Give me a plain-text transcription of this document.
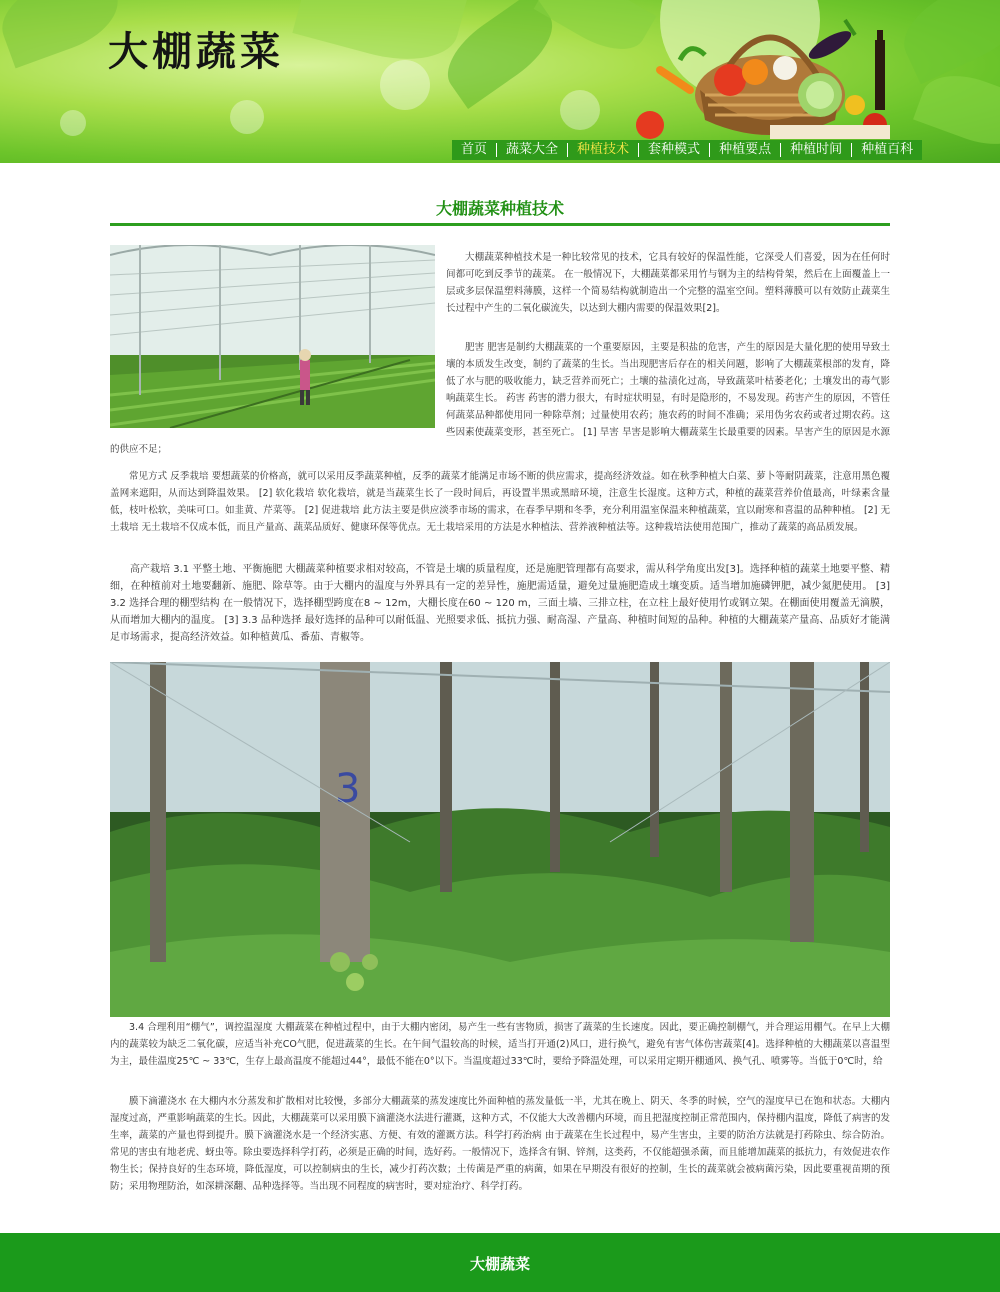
大棚蔬菜
首页	蔬菜大全	种植技术	套种模式	种植要点	种植时间	种植百科
大棚蔬菜种植技术

大棚蔬菜种植技术是一种比较常见的技术，它具有较好的保温性能，它深受人们喜爱，因为在任何时间都可吃到反季节的蔬菜。 在一般情况下，大棚蔬菜都采用竹与钢为主的结构骨架，然后在上面覆盖上一层或多层保温塑料薄膜，这样一个简易结构就制造出一个完整的温室空间。塑料薄膜可以有效防止蔬菜生长过程中产生的二氧化碳流失，以达到大棚内需要的保温效果[2]。

肥害 肥害是制约大棚蔬菜的一个重要原因，主要是积盐的危害，产生的原因是大量化肥的使用导致土壤的本质发生改变，制约了蔬菜的生长。当出现肥害后存在的相关问题，影响了大棚蔬菜根部的发育，降低了水与肥的吸收能力，缺乏营养而死亡；土壤的盐渍化过高，导致蔬菜叶枯萎老化；土壤发出的毒气影响蔬菜生长。 药害 药害的潜力很大，有时症状明显，有时是隐形的，不易发现。药害产生的原因，不管任何蔬菜品种都使用同一种除草剂；过量使用农药；施农药的时间不准确；采用伪劣农药或者过期农药。这些因素使蔬菜变形，甚至死亡。 [1] 旱害 旱害是影响大棚蔬菜生长最重要的因素。旱害产生的原因是水源的供应不足；

常见方式 反季栽培 要想蔬菜的价格高，就可以采用反季蔬菜种植，反季的蔬菜才能满足市场不断的供应需求，提高经济效益。如在秋季种植大白菜、萝卜等耐阴蔬菜，注意用黑色覆盖网来遮阳，从而达到降温效果。 [2] 软化栽培 软化栽培，就是当蔬菜生长了一段时间后，再设置半黑或黑暗环境，注意生长湿度。这种方式，种植的蔬菜营养价值最高，叶绿素含量低，枝叶松软，美味可口。如韭黄、芹菜等。 [2] 促进栽培 此方法主要是供应淡季市场的需求，在春季早期和冬季，充分利用温室保温来种植蔬菜，宜以耐寒和喜温的品种种植。 [2] 无土栽培 无土栽培不仅成本低，而且产量高、蔬菜品质好、健康环保等优点。无土栽培采用的方法是水种植法、营养液种植法等。这种栽培法使用范围广，推动了蔬菜的高品质发展。

高产栽培 3.1 平整土地、平衡施肥 大棚蔬菜种植要求相对较高，不管是土壤的质量程度，还是施肥管理都有高要求，需从科学角度出发[3]。选择种植的蔬菜土地要平整、精细，在种植前对土地要翻新、施肥、除草等。由于大棚内的温度与外界具有一定的差异性，施肥需适量，避免过量施肥造成土壤变质。适当增加施磷钾肥，减少氮肥使用。 [3] 3.2 选择合理的棚型结构 在一般情况下，选择棚型跨度在8 ~ 12m，大棚长度在60 ~ 120 m，三面土墙、三排立柱，在立柱上最好使用竹或钢立架。在棚面使用覆盖无滴膜，从而增加大棚内的温度。 [3] 3.3 品种选择 最好选择的品种可以耐低温、光照要求低、抵抗力强、耐高湿、产量高、种植时间短的品种。种植的大棚蔬菜产量高、品质好才能满足市场需求，提高经济效益。如种植黄瓜、番茄、青椒等。

3

3.4 合理利用“棚气”，调控温湿度 大棚蔬菜在种植过程中，由于大棚内密闭，易产生一些有害物质，损害了蔬菜的生长速度。因此，要正确控制棚气，并合理运用棚气。在早上大棚内的蔬菜较为缺乏二氧化碳，应适当补充CO气肥，促进蔬菜的生长。在午间气温较高的时候，适当打开通(2)风口，进行换气，避免有害气体伤害蔬菜[4]。选择种植的大棚蔬菜以喜温型为主，最佳温度25℃ ~ 33℃，生存上最高温度不能超过44°，最低不能在0°以下。当温度超过33℃时，要给予降温处理，可以采用定期开棚通风、换气孔、喷雾等。当低于0℃时，给

膜下滴灌浇水 在大棚内水分蒸发和扩散相对比较慢，多部分大棚蔬菜的蒸发速度比外面种植的蒸发量低一半，尤其在晚上、阴天、冬季的时候，空气的湿度早已在饱和状态。大棚内湿度过高，严重影响蔬菜的生长。因此，大棚蔬菜可以采用膜下滴灌浇水法进行灌溉，这种方式，不仅能大大改善棚内环境，而且把湿度控制正常范围内，保持棚内温度，降低了病害的发生率，蔬菜的产量也得到提升。膜下滴灌浇水是一个经济实惠、方便、有效的灌溉方法。科学打药治病 由于蔬菜在生长过程中，易产生害虫，主要的防治方法就是打药除虫、综合防治。常见的害虫有地老虎、蚜虫等。除虫要选择科学打药，必须是正确的时间，选好药。一般情况下，选择含有铜、锌剂，这类药，不仅能超强杀菌，而且能增加蔬菜的抵抗力，有效促进农作物生长；保持良好的生态环境，降低湿度，可以控制病虫的生长，减少打药次数；土传菌是严重的病菌，如果在早期没有很好的控制，生长的蔬菜就会被病菌污染，因此要重视苗期的预防；采用物理防治，如深耕深翻、品种选择等。当出现不同程度的病害时，要对症治疗、科学打药。

大棚蔬菜
